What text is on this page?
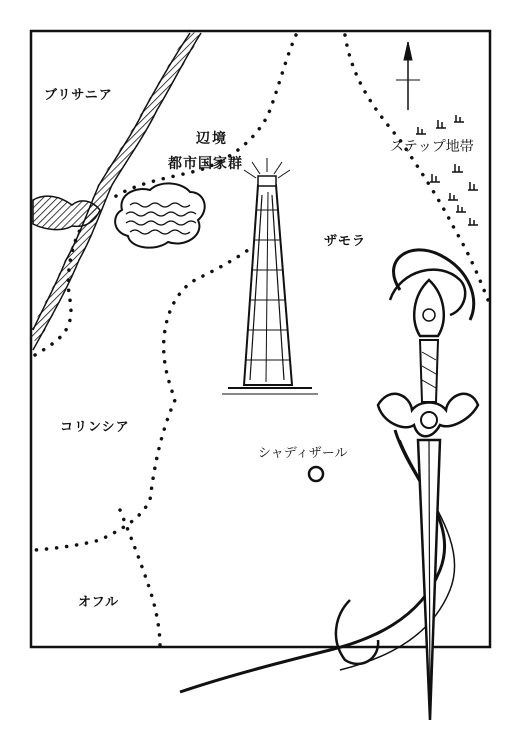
ブリサニア
辺境
都市国家群
ステップ地帯
ザモラ
コリンシア
シャディザール
オフル
